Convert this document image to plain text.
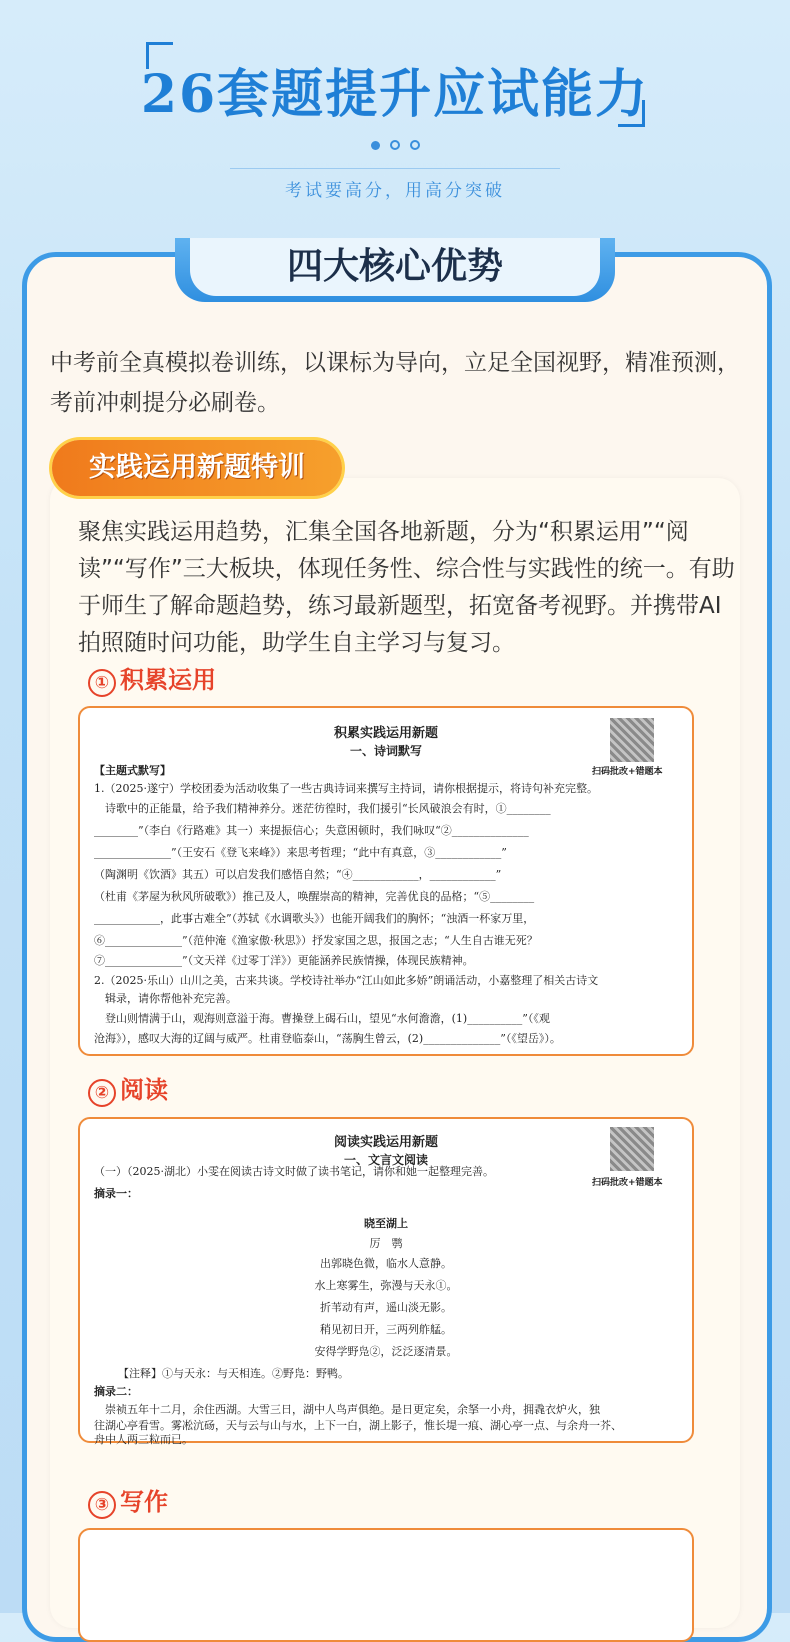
26套题提升应试能力
考试要高分，用高分突破
四大核心优势
中考前全真模拟卷训练，以课标为导向，立足全国视野，精准预测，考前冲刺提分必刷卷。
实践运用新题特训
聚焦实践运用趋势，汇集全国各地新题，分为“积累运用”“阅读”“写作”三大板块，体现任务性、综合性与实践性的统一。有助于师生了解命题趋势，练习最新题型，拓宽备考视野。并携带AI拍照随时问功能，助学生自主学习与复习。
① 积累运用
积累实践运用新题
一、诗词默写
扫码批改+错题本
【主题式默写】
1.（2025·遂宁）学校团委为活动收集了一些古典诗词来撰写主持词，请你根据提示，将诗句补充完整。
　诗歌中的正能量，给予我们精神养分。迷茫彷徨时，我们援引“长风破浪会有时，①________
________”（李白《行路难》其一）来提振信心；失意困顿时，我们咏叹“②______________
______________”（王安石《登飞来峰》）来思考哲理；“此中有真意，③____________”
（陶渊明《饮酒》其五）可以启发我们感悟自然；“④____________，____________”
（杜甫《茅屋为秋风所破歌》）推己及人，唤醒崇高的精神，完善优良的品格；“⑤________
____________，此事古难全”（苏轼《水调歌头》）也能开阔我们的胸怀；“浊酒一杯家万里，
⑥______________”（范仲淹《渔家傲·秋思》）抒发家国之思，报国之志；“人生自古谁无死？
⑦______________”（文天祥《过零丁洋》）更能涵养民族情操，体现民族精神。
2.（2025·乐山）山川之美，古来共谈。学校诗社举办“江山如此多娇”朗诵活动，小嘉整理了相关古诗文
　辑录，请你帮他补充完善。
　登山则情满于山，观海则意溢于海。曹操登上碣石山，望见“水何澹澹，(1)__________”（《观
沧海》），感叹大海的辽阔与威严。杜甫登临泰山，“荡胸生曾云，(2)______________”（《望岳》）。
② 阅读
阅读实践运用新题
一、文言文阅读
扫码批改+错题本
（一）（2025·湖北）小雯在阅读古诗文时做了读书笔记，请你和她一起整理完善。
摘录一：
晓至湖上
厉　鹗
出郭晓色微，临水人意静。
水上寒雾生，弥漫与天永①。
折苇动有声，遥山淡无影。
稍见初日开，三两列舴艋。
安得学野凫②，泛泛逐清景。
【注释】①与天永：与天相连。②野凫：野鸭。
摘录二：
　崇祯五年十二月，余住西湖。大雪三日，湖中人鸟声俱绝。是日更定矣，余拏一小舟，拥毳衣炉火，独
往湖心亭看雪。雾凇沆砀，天与云与山与水，上下一白，湖上影子，惟长堤一痕、湖心亭一点、与余舟一芥、
舟中人两三粒而已。
③ 写作
